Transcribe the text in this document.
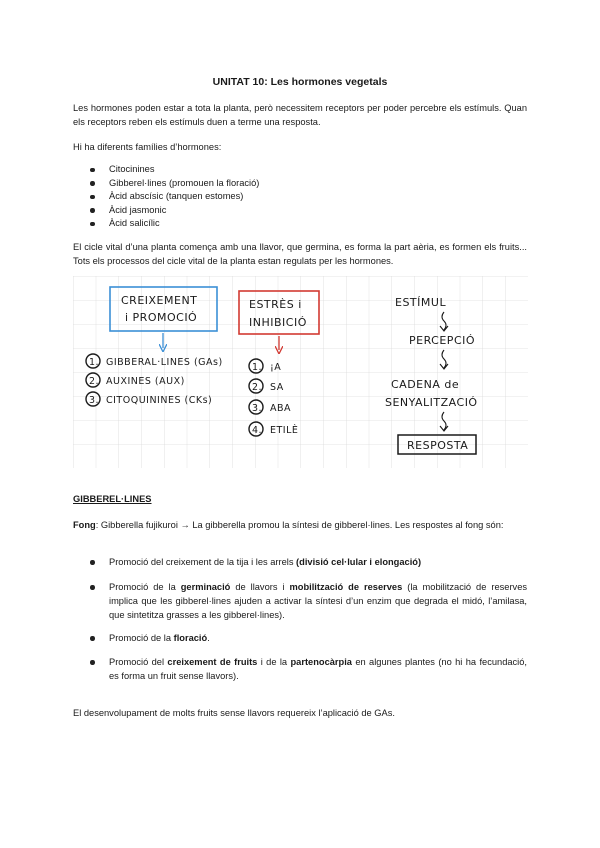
UNITAT 10: Les hormones vegetals

Les hormones poden estar a tota la planta, però necessitem receptors per poder percebre els estímuls. Quan els receptors reben els estímuls duen a terme una resposta.

Hi ha diferents famílies d’hormones:

Citocinines
Gibberel·lines (promouen la floració)
Àcid abscísic (tanquen estomes)
Àcid jasmonic
Àcid salicílic

El cicle vital d’una planta comença amb una llavor, que germina, es forma la part aèria, es formen els fruits... Tots els processos del cicle vital de la planta estan regulats per les hormones.

CREIXEMENT
i PROMOCIÓ
1. GIBBERAL·LINES (GAs)
2. AUXINES (AUX)
3. CITOQUININES (CKs)
ESTRÈS i
INHIBICIÓ
1. ¡A
2. SA
3. ABA
4. ETILÈ
ESTÍMUL
PERCEPCIÓ
CADENA de
SENYALITZACIÓ
RESPOSTA
GIBBEREL·LINES

Fong: Gibberella fujikuroi → La gibberella promou la síntesi de gibberel·lines. Les respostes al fong són:

Promoció del creixement de la tija i les arrels (divisió cel·lular i elongació)
Promoció de la germinació de llavors i mobilització de reserves (la mobilització de reserves implica que les gibberel·lines ajuden a activar la síntesi d’un enzim que degrada el midó, l’amilasa, que sintetitza grasses a les gibberel·lines).
Promoció de la floració.
Promoció del creixement de fruits i de la partenocàrpia en algunes plantes (no hi ha fecundació, es forma un fruit sense llavors).

El desenvolupament de molts fruits sense llavors requereix l’aplicació de GAs.
